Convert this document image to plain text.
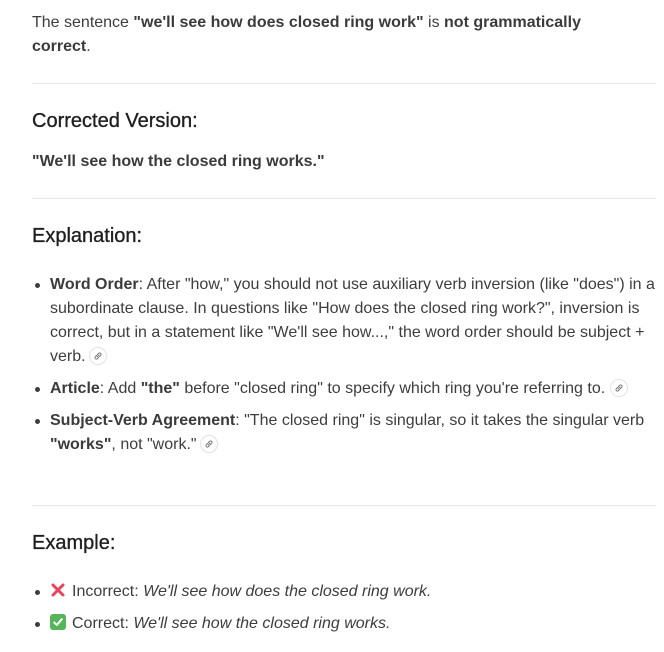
The sentence "we'll see how does closed ring work" is not grammatically correct.
Corrected Version:
"We'll see how the closed ring works."
Explanation:
Word Order: After "how," you should not use auxiliary verb inversion (like "does") in a subordinate clause. In questions like "How does the closed ring work?", inversion is correct, but in a statement like "We'll see how...," the word order should be subject + verb.
Article: Add "the" before "closed ring" to specify which ring you're referring to.
Subject-Verb Agreement: "The closed ring" is singular, so it takes the singular verb "works", not "work."
Example:
Incorrect: We'll see how does the closed ring work.
Correct: We'll see how the closed ring works.
